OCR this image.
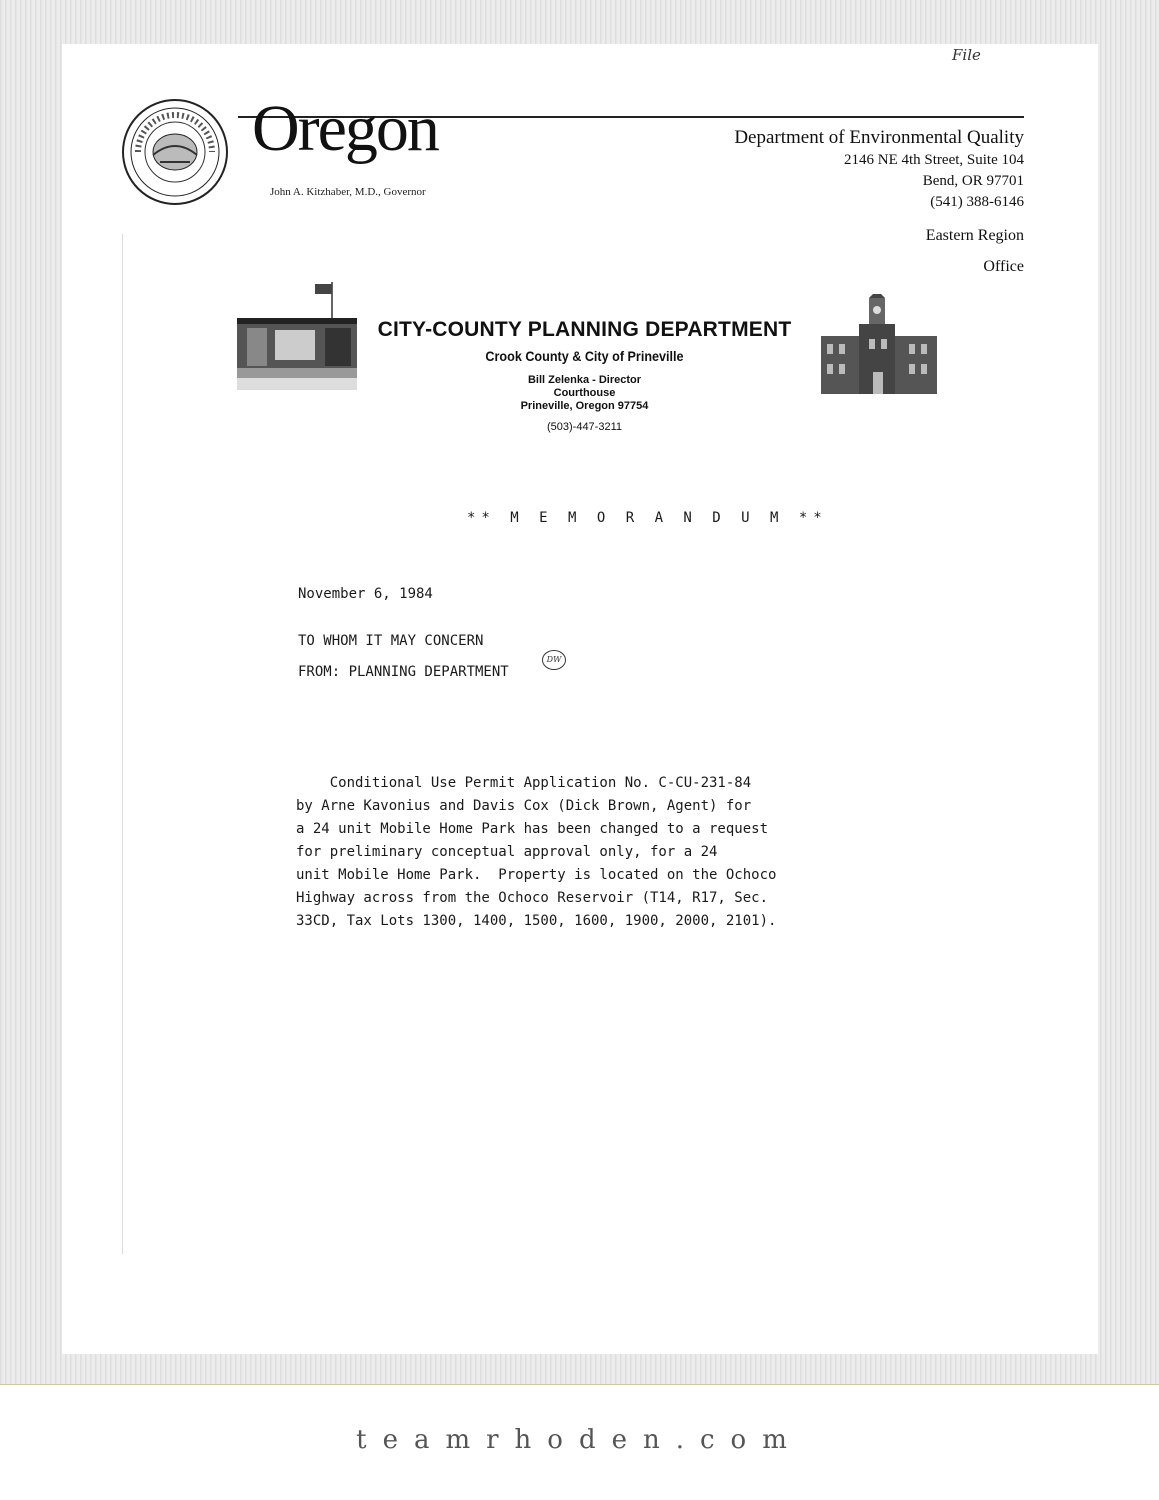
File
Oregon
John A. Kitzhaber, M.D., Governor
Department of Environmental Quality
2146 NE 4th Street, Suite 104
Bend, OR 97701
(541) 388-6146
Eastern Region
Office
CITY-COUNTY PLANNING DEPARTMENT
Crook County & City of Prineville
Bill Zelenka - Director
Courthouse
Prineville, Oregon 97754
(503)-447-3211
** M E M O R A N D U M **
November 6, 1984
TO WHOM IT MAY CONCERN
FROM: PLANNING DEPARTMENT
DW
Conditional Use Permit Application No. C-CU-231-84
by Arne Kavonius and Davis Cox (Dick Brown, Agent) for
a 24 unit Mobile Home Park has been changed to a request
for preliminary conceptual approval only, for a 24
unit Mobile Home Park.  Property is located on the Ochoco
Highway across from the Ochoco Reservoir (T14, R17, Sec.
33CD, Tax Lots 1300, 1400, 1500, 1600, 1900, 2000, 2101).
teamrhoden.com
